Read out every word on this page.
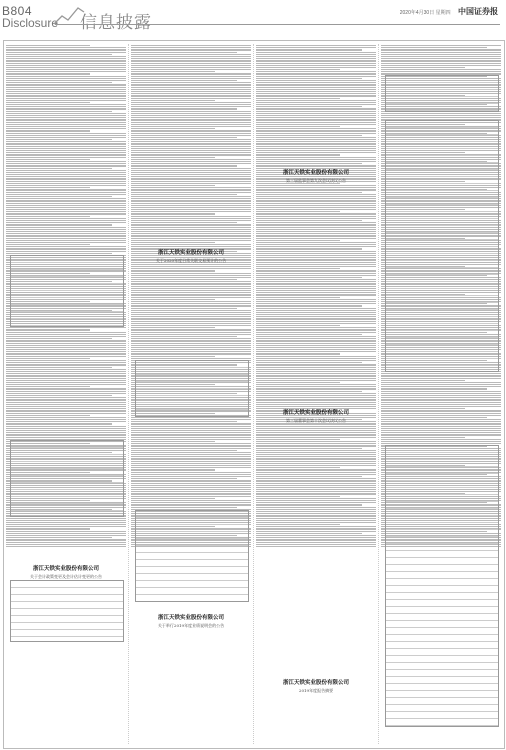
B804
Disclosure 信息披露	2020年4月30日 星期四 中国证券报
浙江天铁实业股份有限公司
关于会计政策变更及会计估计变更的公告
浙江天铁实业股份有限公司
关于2020年度日常关联交易预计的公告
浙江天铁实业股份有限公司
关于举行2019年度业绩说明会的公告
浙江天铁实业股份有限公司
第三届监事会第九次会议决议公告
浙江天铁实业股份有限公司
第三届董事会第十次会议决议公告
浙江天铁实业股份有限公司
2019年度报告摘要
